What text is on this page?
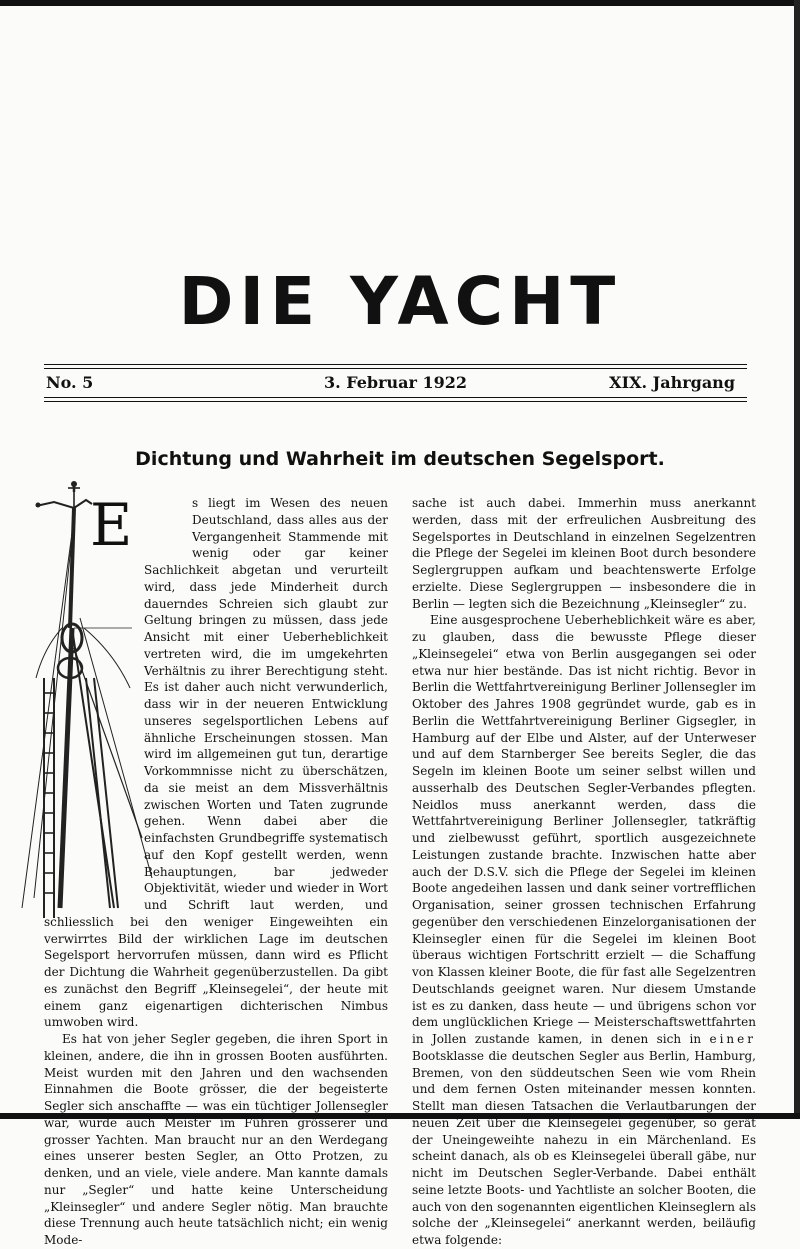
DIE YACHT
No. 5	3. Februar 1922	XIX. Jahrgang
Dichtung und Wahrheit im deutschen Segelsport.
E	s liegt im Wesen des neuen Deutschland, dass alles aus der Vergangenheit Stammende mit wenig oder gar keiner Sachlichkeit abgetan und verurteilt wird, dass jede Minderheit durch dauerndes Schreien sich glaubt zur Geltung bringen zu müssen, dass jede Ansicht mit einer Ueberheblichkeit vertreten wird, die im umgekehrten Verhältnis zu ihrer Berechtigung steht. Es ist daher auch nicht verwunderlich, dass wir in der neueren Entwicklung unseres segelsportlichen Lebens auf ähnliche Erscheinungen stossen. Man wird im allgemeinen gut tun, derartige Vorkommnisse nicht zu überschätzen, da sie meist an dem Missverhältnis zwischen Worten und Taten zugrunde gehen. Wenn dabei aber die einfachsten Grundbegriffe systematisch auf den Kopf gestellt werden, wenn Behauptungen, bar jedweder Objektivität, wieder und wieder in Wort und Schrift laut werden, und schliesslich bei den weniger Eingeweihten ein verwirrtes Bild der wirklichen Lage im deutschen Segelsport hervorrufen müssen, dann wird es Pflicht der Dichtung die Wahrheit gegenüberzustellen. Da gibt es zunächst den Begriff „Kleinsegelei“, der heute mit einem ganz eigenartigen dichterischen Nimbus umwoben wird.

Es hat von jeher Segler gegeben, die ihren Sport in kleinen, andere, die ihn in grossen Booten ausführten. Meist wurden mit den Jahren und den wachsenden Einnahmen die Boote grösser, die der begeisterte Segler sich anschaffte — was ein tüchtiger Jollensegler war, wurde auch Meister im Führen grösserer und grosser Yachten. Man braucht nur an den Werdegang eines unserer besten Segler, an Otto Protzen, zu denken, und an viele, viele andere. Man kannte damals nur „Segler“ und hatte keine Unterscheidung „Kleinsegler“ und andere Segler nötig. Man brauchte diese Trennung auch heute tatsächlich nicht; ein wenig Mode-

sache ist auch dabei. Immerhin muss anerkannt werden, dass mit der erfreulichen Ausbreitung des Segelsportes in Deutschland in einzelnen Segelzentren die Pflege der Segelei im kleinen Boot durch besondere Seglergruppen aufkam und beachtenswerte Erfolge erzielte. Diese Seglergruppen — insbesondere die in Berlin — legten sich die Bezeichnung „Kleinsegler“ zu.

Eine ausgesprochene Ueberheblichkeit wäre es aber, zu glauben, dass die bewusste Pflege dieser „Kleinsegelei“ etwa von Berlin ausgegangen sei oder etwa nur hier bestände. Das ist nicht richtig. Bevor in Berlin die Wettfahrtvereinigung Berliner Jollensegler im Oktober des Jahres 1908 gegründet wurde, gab es in Berlin die Wettfahrtvereinigung Berliner Gigsegler, in Hamburg auf der Elbe und Alster, auf der Unterweser und auf dem Starnberger See bereits Segler, die das Segeln im kleinen Boote um seiner selbst willen und ausserhalb des Deutschen Segler-Verbandes pflegten. Neidlos muss anerkannt werden, dass die Wettfahrtvereinigung Berliner Jollensegler, tatkräftig und zielbewusst geführt, sportlich ausgezeichnete Leistungen zustande brachte. Inzwischen hatte aber auch der D.S.V. sich die Pflege der Segelei im kleinen Boote angedeihen lassen und dank seiner vortrefflichen Organisation, seiner grossen technischen Erfahrung gegenüber den verschiedenen Einzelorganisationen der Kleinsegler einen für die Segelei im kleinen Boot überaus wichtigen Fortschritt erzielt — die Schaffung von Klassen kleiner Boote, die für fast alle Segelzentren Deutschlands geeignet waren. Nur diesem Umstande ist es zu danken, dass heute — und übrigens schon vor dem unglücklichen Kriege — Meisterschaftswettfahrten in Jollen zustande kamen, in denen sich in einer Bootsklasse die deutschen Segler aus Berlin, Hamburg, Bremen, von den süddeutschen Seen wie vom Rhein und dem fernen Osten miteinander messen konnten. Stellt man diesen Tatsachen die Verlautbarungen der neuen Zeit über die Kleinsegelei gegenüber, so gerät der Uneingeweihte nahezu in ein Märchenland. Es scheint danach, als ob es Kleinsegelei überall gäbe, nur nicht im Deutschen Segler-Verbande. Dabei enthält seine letzte Boots- und Yachtliste an solcher Booten, die auch von den sogenannten eigentlichen Kleinseglern als solche der „Kleinsegelei“ anerkannt werden, beiläufig etwa folgende:
